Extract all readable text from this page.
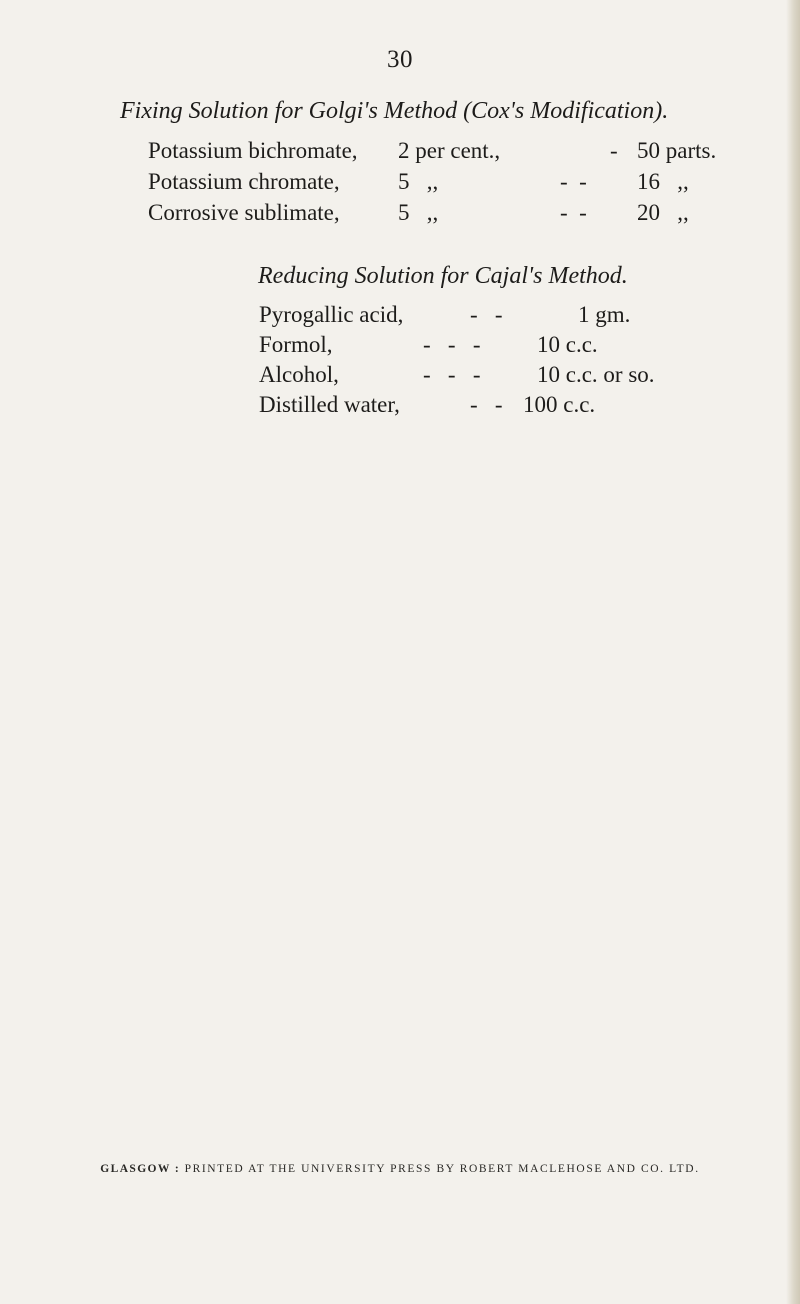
30
Fixing Solution for Golgi's Method (Cox's Modification).
Potassium bichromate, 2 per cent.,	- 50 parts.
Potassium chromate,	5   ,,	-  - 16   ,,
Corrosive sublimate,	5   ,,	-  - 20   ,,
Reducing Solution for Cajal's Method.
Pyrogallic acid,	-   -	1 gm.
Formol,	-   -   - 10 c.c.
Alcohol,	-   -   - 10 c.c. or so.
Distilled water,	-   - 100 c.c.
GLASGOW : PRINTED AT THE UNIVERSITY PRESS BY ROBERT MACLEHOSE AND CO. LTD.
